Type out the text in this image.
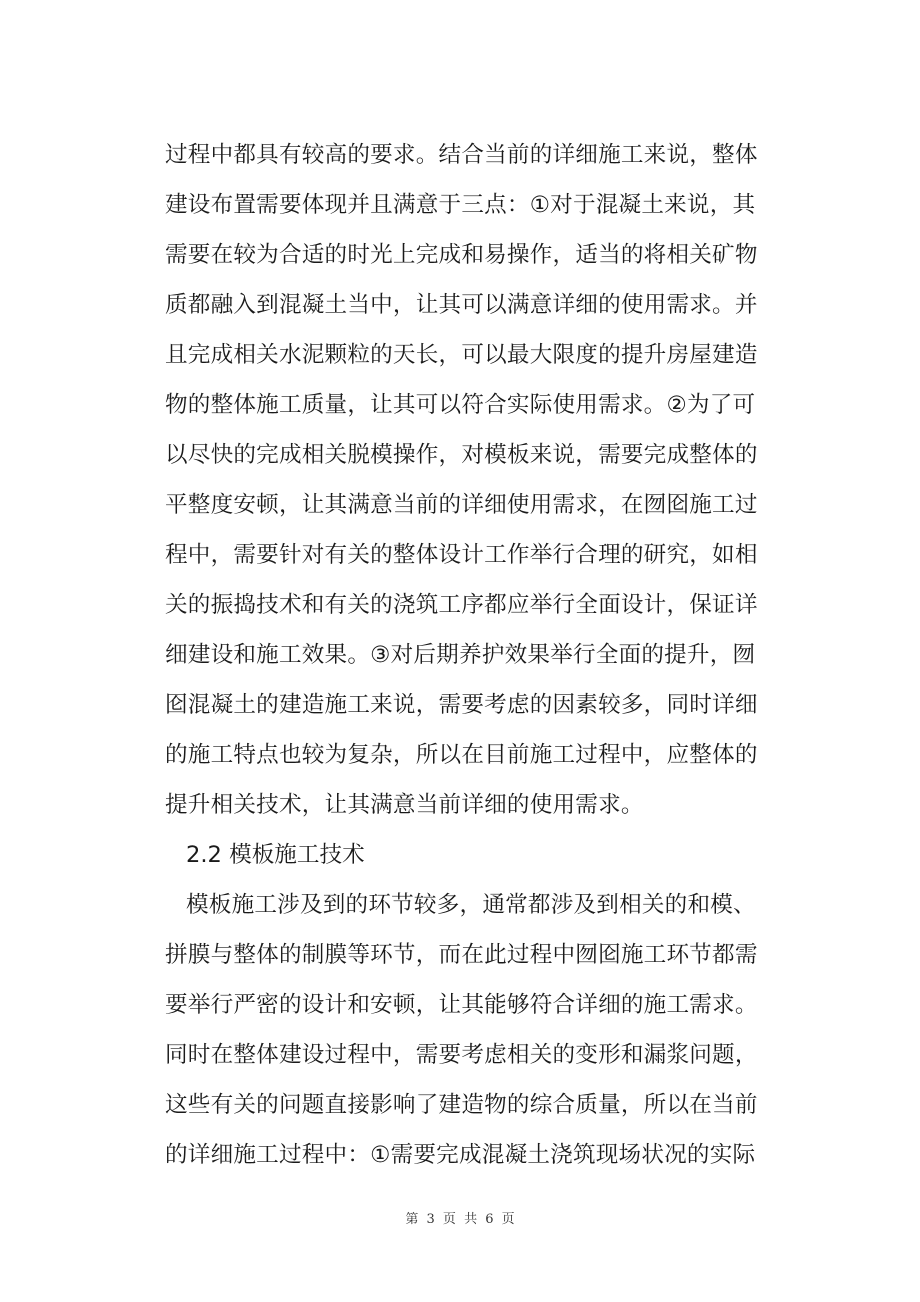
过程中都具有较高的要求。结合当前的详细施工来说，整体
建设布置需要体现并且满意于三点：①对于混凝土来说，其
需要在较为合适的时光上完成和易操作，适当的将相关矿物
质都融入到混凝土当中，让其可以满意详细的使用需求。并
且完成相关水泥颗粒的天长，可以最大限度的提升房屋建造
物的整体施工质量，让其可以符合实际使用需求。②为了可
以尽快的完成相关脱模操作，对模板来说，需要完成整体的
平整度安顿，让其满意当前的详细使用需求，在囫囵施工过
程中，需要针对有关的整体设计工作举行合理的研究，如相
关的振捣技术和有关的浇筑工序都应举行全面设计，保证详
细建设和施工效果。③对后期养护效果举行全面的提升，囫
囵混凝土的建造施工来说，需要考虑的因素较多，同时详细
的施工特点也较为复杂，所以在目前施工过程中，应整体的
提升相关技术，让其满意当前详细的使用需求。
2.2 模板施工技术
模板施工涉及到的环节较多，通常都涉及到相关的和模、
拼膜与整体的制膜等环节，而在此过程中囫囵施工环节都需
要举行严密的设计和安顿，让其能够符合详细的施工需求。
同时在整体建设过程中，需要考虑相关的变形和漏浆问题，
这些有关的问题直接影响了建造物的综合质量，所以在当前
的详细施工过程中：①需要完成混凝土浇筑现场状况的实际
第 3 页 共 6 页
